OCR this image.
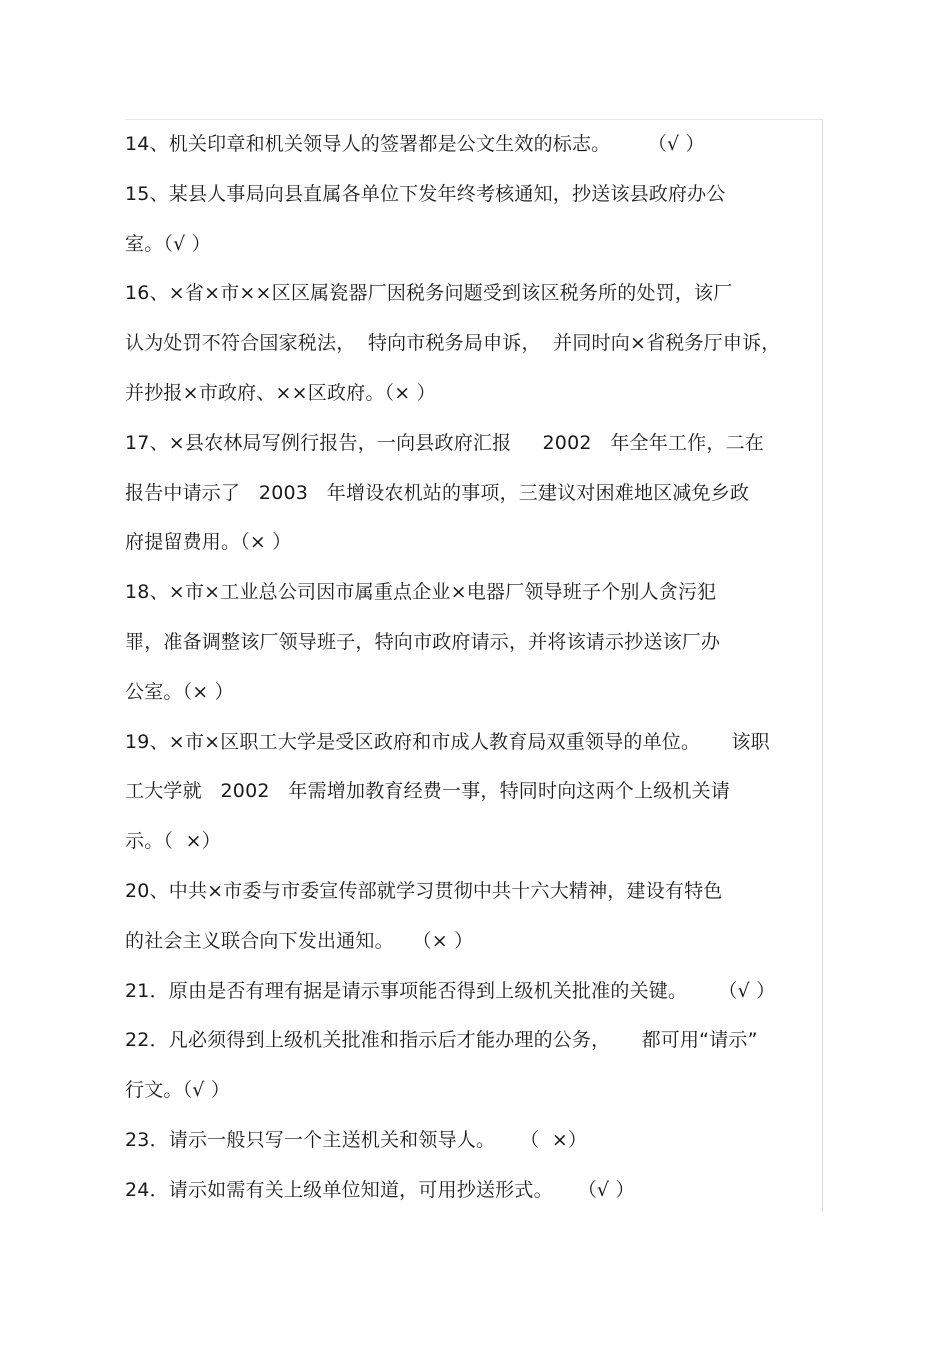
14、机关印章和机关领导人的签署都是公文生效的标志。      （√ ）
15、某县人事局向县直属各单位下发年终考核通知，抄送该县政府办公
室。（√ ）
16、×省×市××区区属瓷器厂因税务问题受到该区税务所的处罚，该厂
认为处罚不符合国家税法，  特向市税务局申诉，  并同时向×省税务厅申诉，
并抄报×市政府、××区政府。（× ）
17、×县农林局写例行报告，一向县政府汇报     2002   年全年工作，二在
报告中请示了   2003   年增设农机站的事项，三建议对困难地区减免乡政
府提留费用。（× ）
18、×市×工业总公司因市属重点企业×电器厂领导班子个别人贪污犯
罪，准备调整该厂领导班子，特向市政府请示，并将该请示抄送该厂办
公室。（× ）
19、×市×区职工大学是受区政府和市成人教育局双重领导的单位。     该职
工大学就   2002   年需增加教育经费一事，特同时向这两个上级机关请
示。（  ×）
20、中共×市委与市委宣传部就学习贯彻中共十六大精神，建设有特色
的社会主义联合向下发出通知。   （× ）
21．原由是否有理有据是请示事项能否得到上级机关批准的关键。     （√ ）
22．凡必须得到上级机关批准和指示后才能办理的公务，     都可用“请示”
行文。（√ ）
23．请示一般只写一个主送机关和领导人。    （  ×）
24．请示如需有关上级单位知道，可用抄送形式。    （√ ）
